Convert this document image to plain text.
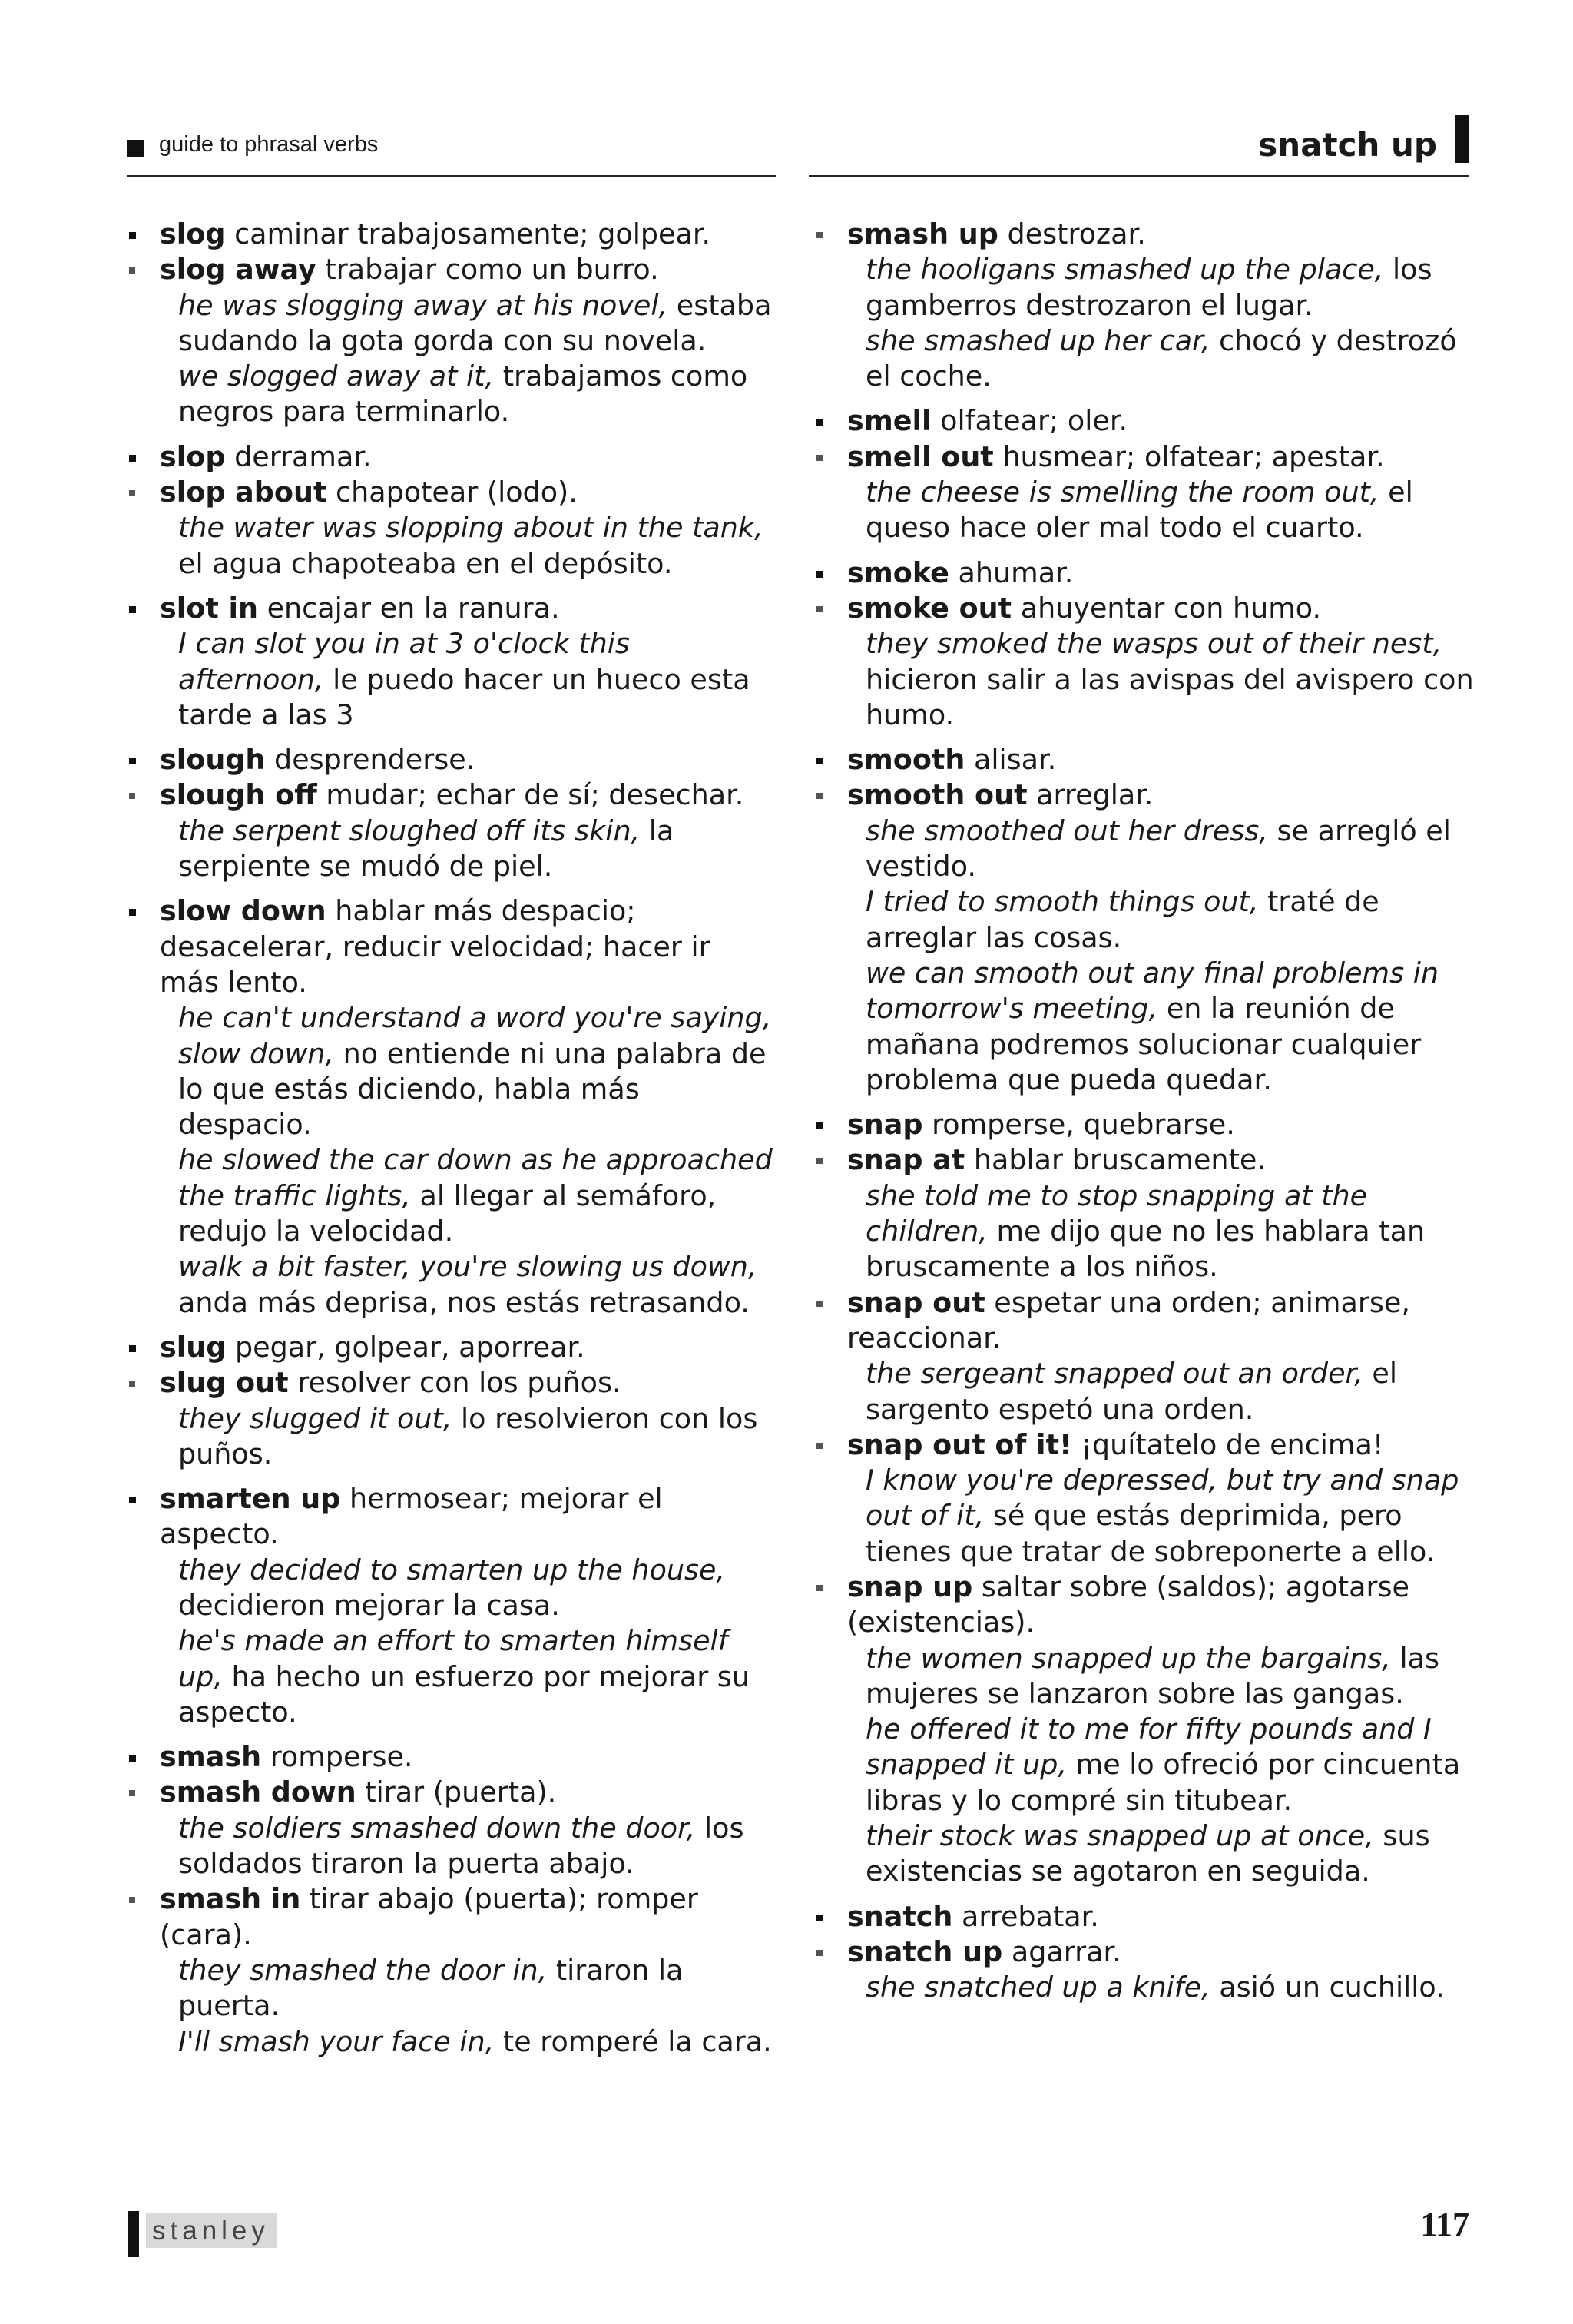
guide to phrasal verbs	snatch up
slog caminar trabajosamente; golpear.
slog away trabajar como un burro.
he was slogging away at his novel, estaba sudando la gota gorda con su novela.
we slogged away at it, trabajamos como negros para terminarlo.
slop derramar.
slop about chapotear (lodo).
the water was slopping about in the tank, el agua chapoteaba en el depósito.
slot in encajar en la ranura.
I can slot you in at 3 o'clock this afternoon, le puedo hacer un hueco esta tarde a las 3
slough desprenderse.
slough off mudar; echar de sí; desechar.
the serpent sloughed off its skin, la serpiente se mudó de piel.
slow down hablar más despacio; desacelerar, reducir velocidad; hacer ir más lento.
he can't understand a word you're saying, slow down, no entiende ni una palabra de lo que estás diciendo, habla más despacio.
he slowed the car down as he approached the traffic lights, al llegar al semáforo, redujo la velocidad.
walk a bit faster, you're slowing us down, anda más deprisa, nos estás retrasando.
slug pegar, golpear, aporrear.
slug out resolver con los puños.
they slugged it out, lo resolvieron con los puños.
smarten up hermosear; mejorar el aspecto.
they decided to smarten up the house, decidieron mejorar la casa.
he's made an effort to smarten himself up, ha hecho un esfuerzo por mejorar su aspecto.
smash romperse.
smash down tirar (puerta).
the soldiers smashed down the door, los soldados tiraron la puerta abajo.
smash in tirar abajo (puerta); romper (cara).
they smashed the door in, tiraron la puerta.
I'll smash your face in, te romperé la cara.
smash up destrozar.
the hooligans smashed up the place, los gamberros destrozaron el lugar.
she smashed up her car, chocó y destrozó el coche.
smell olfatear; oler.
smell out husmear; olfatear; apestar.
the cheese is smelling the room out, el queso hace oler mal todo el cuarto.
smoke ahumar.
smoke out ahuyentar con humo.
they smoked the wasps out of their nest, hicieron salir a las avispas del avispero con humo.
smooth alisar.
smooth out arreglar.
she smoothed out her dress, se arregló el vestido.
I tried to smooth things out, traté de arreglar las cosas.
we can smooth out any final problems in tomorrow's meeting, en la reunión de mañana podremos solucionar cualquier problema que pueda quedar.
snap romperse, quebrarse.
snap at hablar bruscamente.
she told me to stop snapping at the children, me dijo que no les hablara tan bruscamente a los niños.
snap out espetar una orden; animarse, reaccionar.
the sergeant snapped out an order, el sargento espetó una orden.
snap out of it! ¡quítatelo de encima!
I know you're depressed, but try and snap out of it, sé que estás deprimida, pero tienes que tratar de sobreponerte a ello.
snap up saltar sobre (saldos); agotarse (existencias).
the women snapped up the bargains, las mujeres se lanzaron sobre las gangas.
he offered it to me for fifty pounds and I snapped it up, me lo ofreció por cincuenta libras y lo compré sin titubear.
their stock was snapped up at once, sus existencias se agotaron en seguida.
snatch arrebatar.
snatch up agarrar.
she snatched up a knife, asió un cuchillo.
stanley	117
